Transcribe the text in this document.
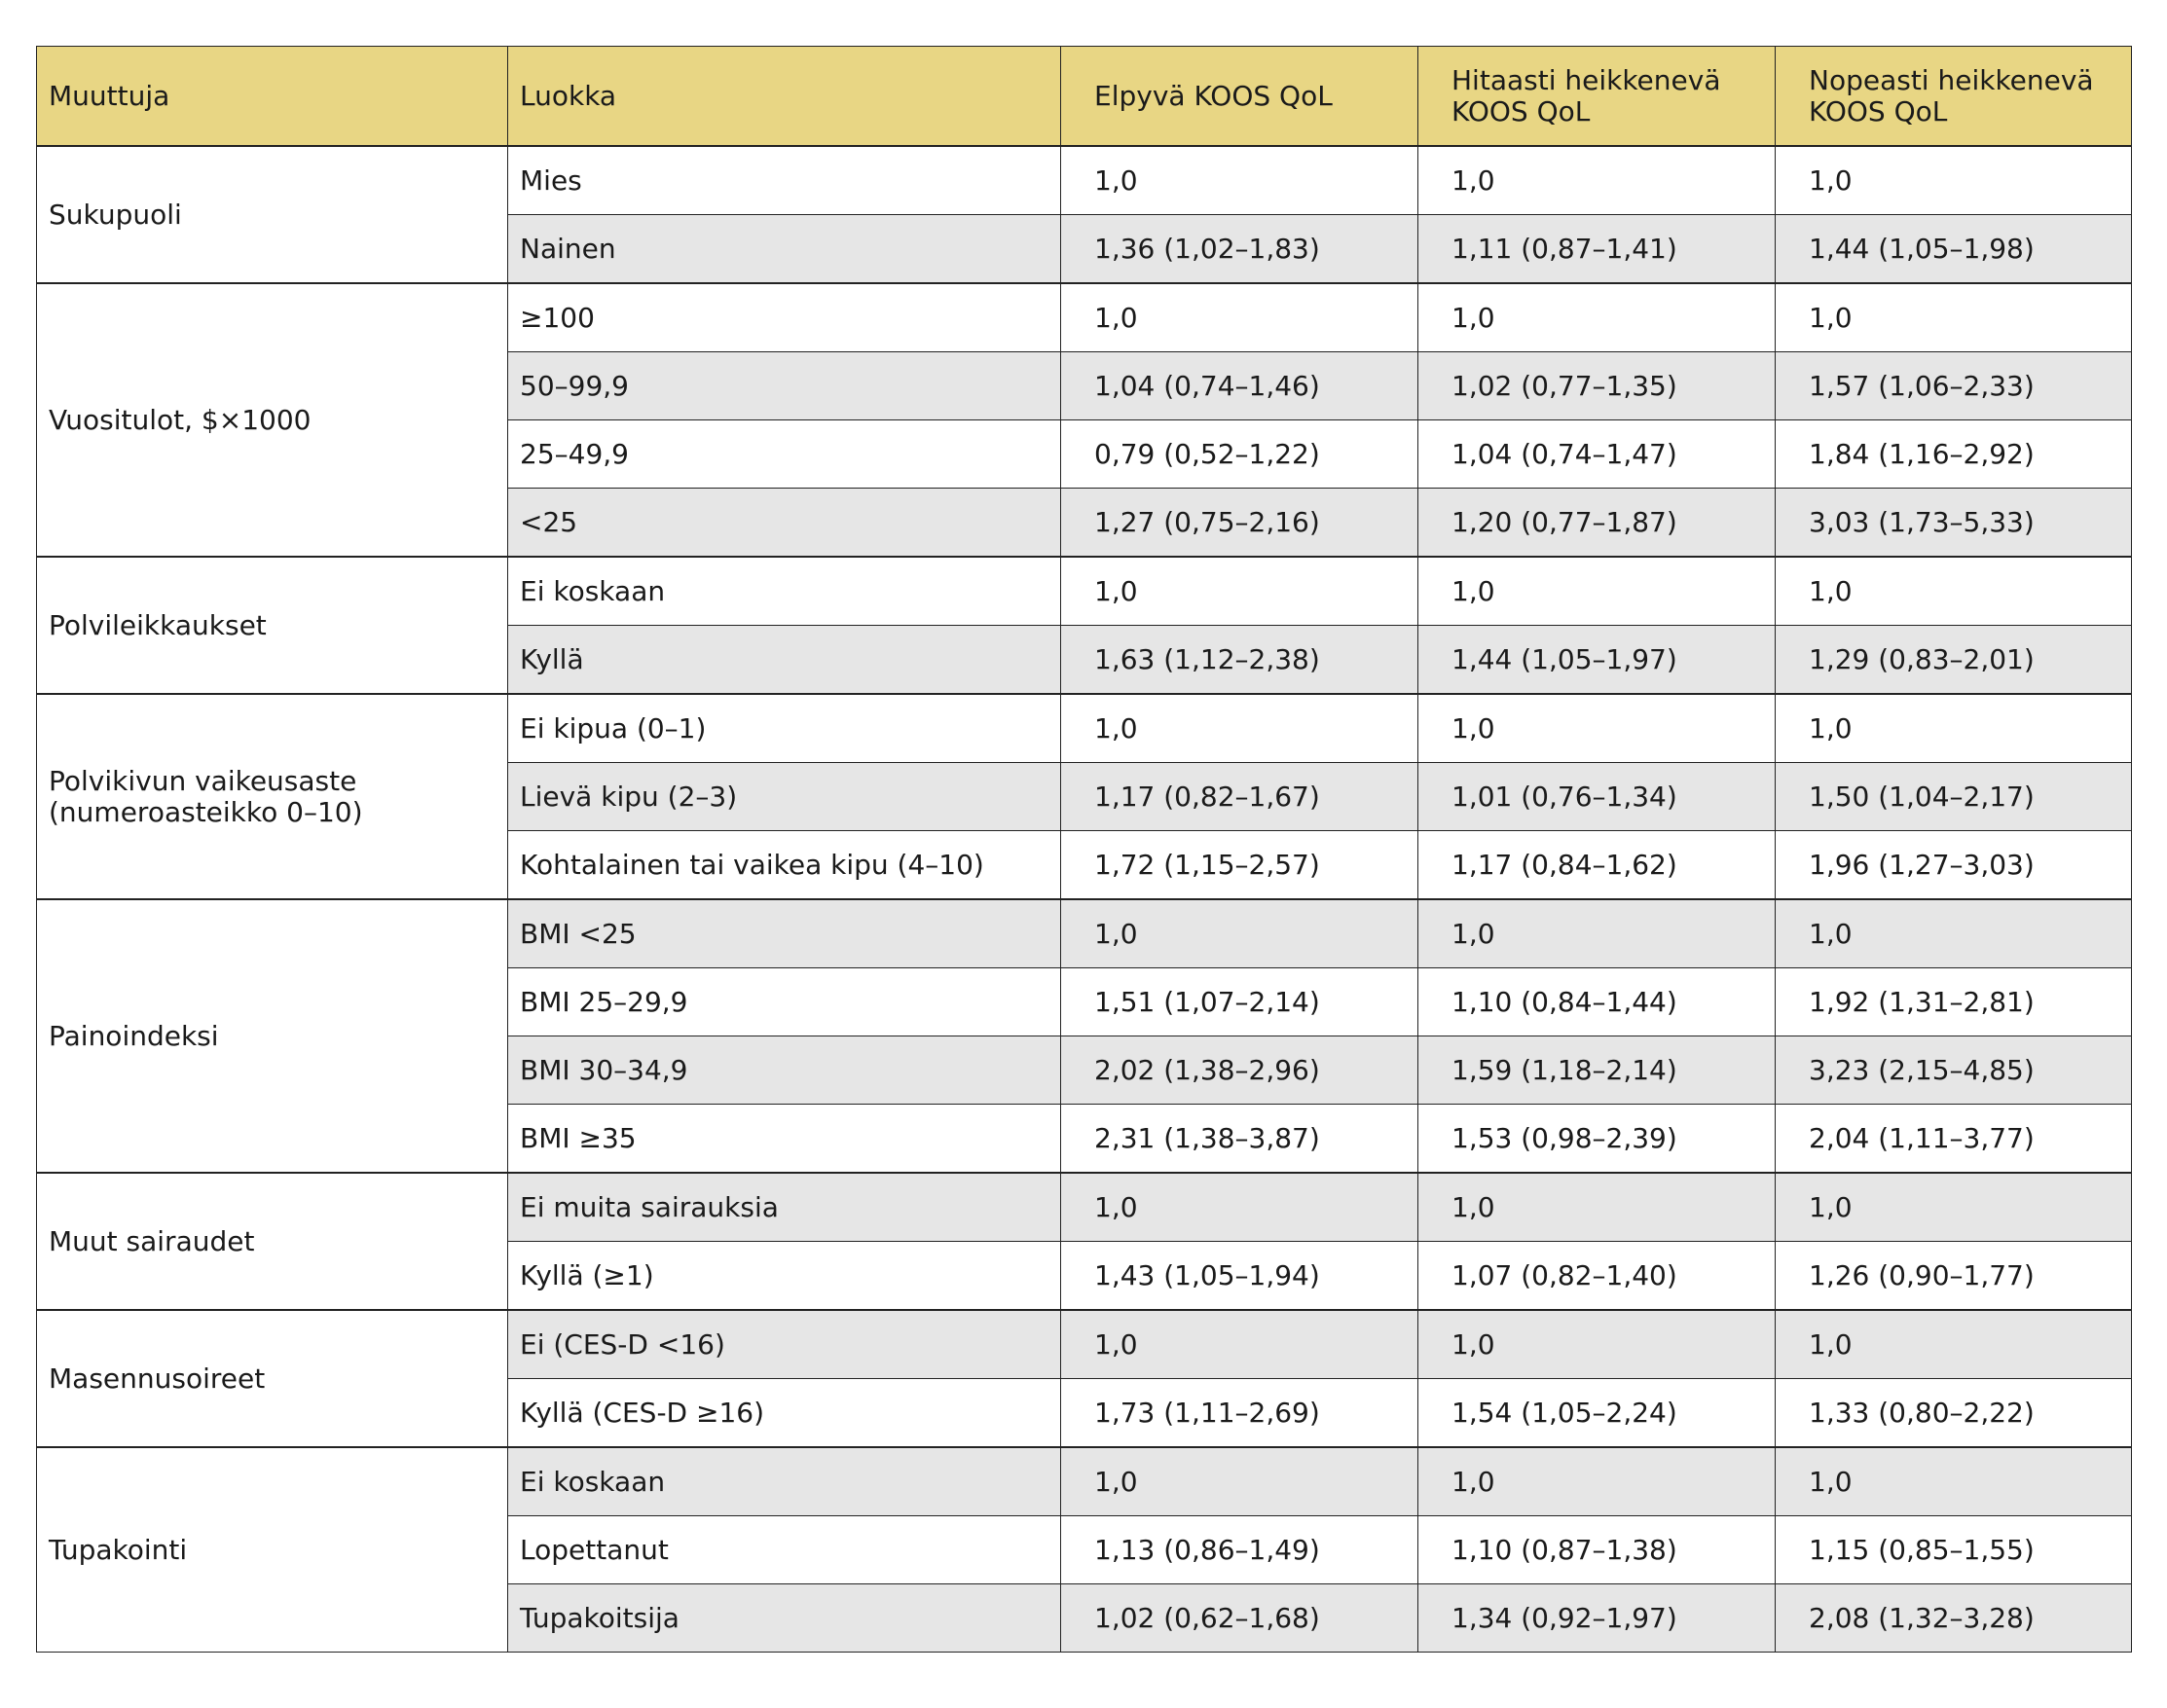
Muuttuja	Luokka	Elpyvä KOOS QoL	Hitaasti heikkenevä KOOS QoL	Nopeasti heikkenevä KOOS QoL
Sukupuoli	Mies	1,0	1,0	1,0
	Nainen	1,36 (1,02–1,83)	1,11 (0,87–1,41)	1,44 (1,05–1,98)
Vuositulot, $×1000	≥100	1,0	1,0	1,0
	50–99,9	1,04 (0,74–1,46)	1,02 (0,77–1,35)	1,57 (1,06–2,33)
	25–49,9	0,79 (0,52–1,22)	1,04 (0,74–1,47)	1,84 (1,16–2,92)
	<25	1,27 (0,75–2,16)	1,20 (0,77–1,87)	3,03 (1,73–5,33)
Polvileikkaukset	Ei koskaan	1,0	1,0	1,0
	Kyllä	1,63 (1,12–2,38)	1,44 (1,05–1,97)	1,29 (0,83–2,01)
Polvikivun vaikeusaste (numeroasteikko 0–10)	Ei kipua (0–1)	1,0	1,0	1,0
	Lievä kipu (2–3)	1,17 (0,82–1,67)	1,01 (0,76–1,34)	1,50 (1,04–2,17)
	Kohtalainen tai vaikea kipu (4–10)	1,72 (1,15–2,57)	1,17 (0,84–1,62)	1,96 (1,27–3,03)
Painoindeksi	BMI <25	1,0	1,0	1,0
	BMI 25–29,9	1,51 (1,07–2,14)	1,10 (0,84–1,44)	1,92 (1,31–2,81)
	BMI 30–34,9	2,02 (1,38–2,96)	1,59 (1,18–2,14)	3,23 (2,15–4,85)
	BMI ≥35	2,31 (1,38–3,87)	1,53 (0,98–2,39)	2,04 (1,11–3,77)
Muut sairaudet	Ei muita sairauksia	1,0	1,0	1,0
	Kyllä (≥1)	1,43 (1,05–1,94)	1,07 (0,82–1,40)	1,26 (0,90–1,77)
Masennusoireet	Ei (CES-D <16)	1,0	1,0	1,0
	Kyllä (CES-D ≥16)	1,73 (1,11–2,69)	1,54 (1,05–2,24)	1,33 (0,80–2,22)
Tupakointi	Ei koskaan	1,0	1,0	1,0
	Lopettanut	1,13 (0,86–1,49)	1,10 (0,87–1,38)	1,15 (0,85–1,55)
	Tupakoitsija	1,02 (0,62–1,68)	1,34 (0,92–1,97)	2,08 (1,32–3,28)
